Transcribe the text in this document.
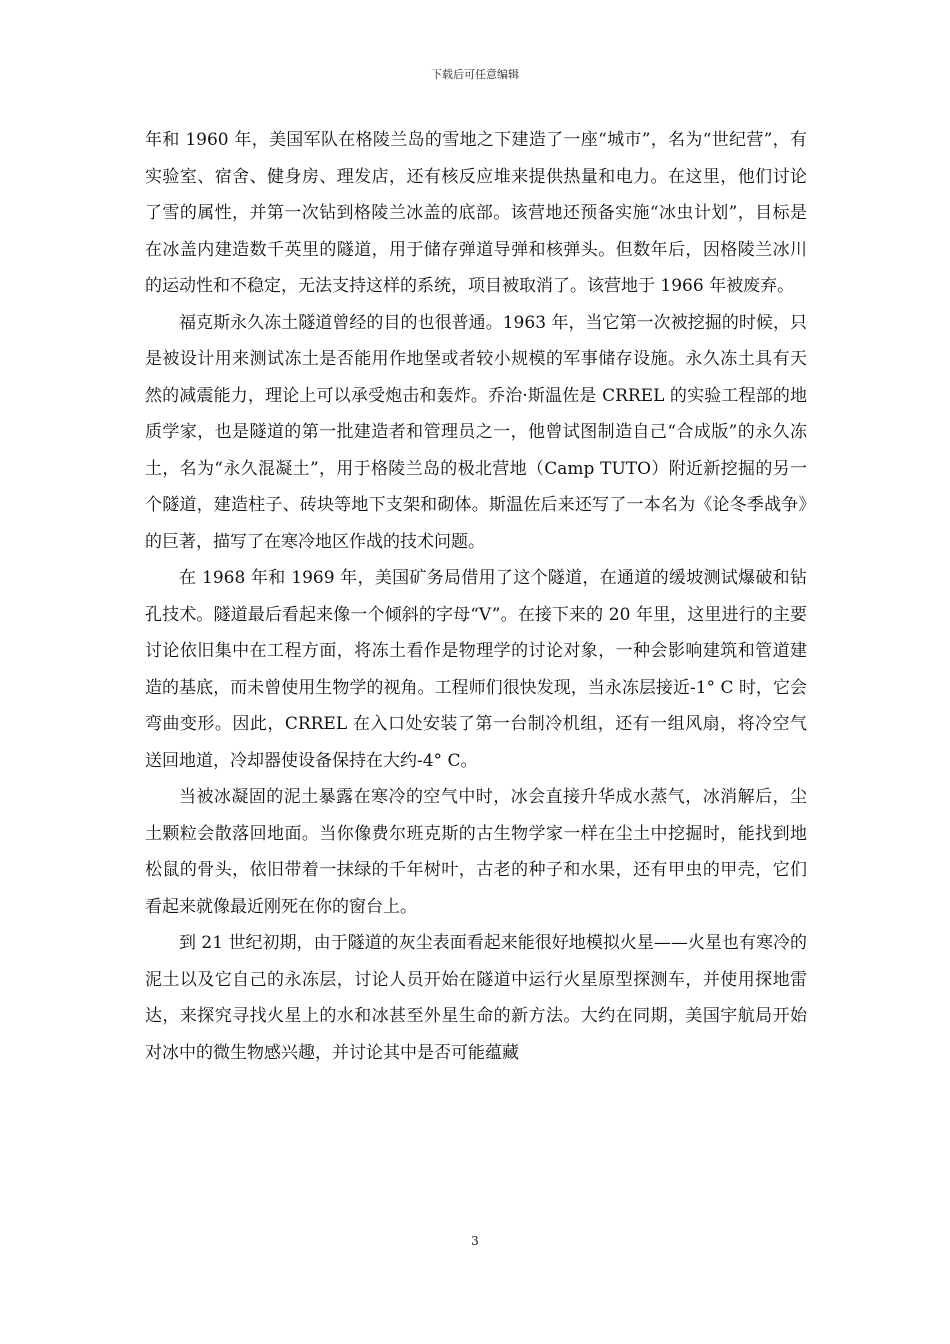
下载后可任意编辑

年和 1960 年，美国军队在格陵兰岛的雪地之下建造了一座“城市”，名为“世纪营”，有实验室、宿舍、健身房、理发店，还有核反应堆来提供热量和电力。在这里，他们讨论了雪的属性，并第一次钻到格陵兰冰盖的底部。该营地还预备实施“冰虫计划”，目标是在冰盖内建造数千英里的隧道，用于储存弹道导弹和核弹头。但数年后，因格陵兰冰川的运动性和不稳定，无法支持这样的系统，项目被取消了。该营地于 1966 年被废弃。

福克斯永久冻土隧道曾经的目的也很普通。1963 年，当它第一次被挖掘的时候，只是被设计用来测试冻土是否能用作地堡或者较小规模的军事储存设施。永久冻土具有天然的减震能力，理论上可以承受炮击和轰炸。乔治·斯温佐是 CRREL 的实验工程部的地质学家，也是隧道的第一批建造者和管理员之一，他曾试图制造自己“合成版”的永久冻土，名为“永久混凝土”，用于格陵兰岛的极北营地（Camp TUTO）附近新挖掘的另一个隧道，建造柱子、砖块等地下支架和砌体。斯温佐后来还写了一本名为《论冬季战争》的巨著，描写了在寒冷地区作战的技术问题。

在 1968 年和 1969 年，美国矿务局借用了这个隧道，在通道的缓坡测试爆破和钻孔技术。隧道最后看起来像一个倾斜的字母“V”。在接下来的 20 年里，这里进行的主要讨论依旧集中在工程方面，将冻土看作是物理学的讨论对象，一种会影响建筑和管道建造的基底，而未曾使用生物学的视角。工程师们很快发现，当永冻层接近-1° C 时，它会弯曲变形。因此，CRREL 在入口处安装了第一台制冷机组，还有一组风扇，将冷空气送回地道，冷却器使设备保持在大约-4° C。

当被冰凝固的泥土暴露在寒冷的空气中时，冰会直接升华成水蒸气，冰消解后，尘土颗粒会散落回地面。当你像费尔班克斯的古生物学家一样在尘土中挖掘时，能找到地松鼠的骨头，依旧带着一抹绿的千年树叶，古老的种子和水果，还有甲虫的甲壳，它们看起来就像最近刚死在你的窗台上。

到 21 世纪初期，由于隧道的灰尘表面看起来能很好地模拟火星——火星也有寒冷的泥土以及它自己的永冻层，讨论人员开始在隧道中运行火星原型探测车，并使用探地雷达，来探究寻找火星上的水和冰甚至外星生命的新方法。大约在同期，美国宇航局开始对冰中的微生物感兴趣，并讨论其中是否可能蕴藏

3
